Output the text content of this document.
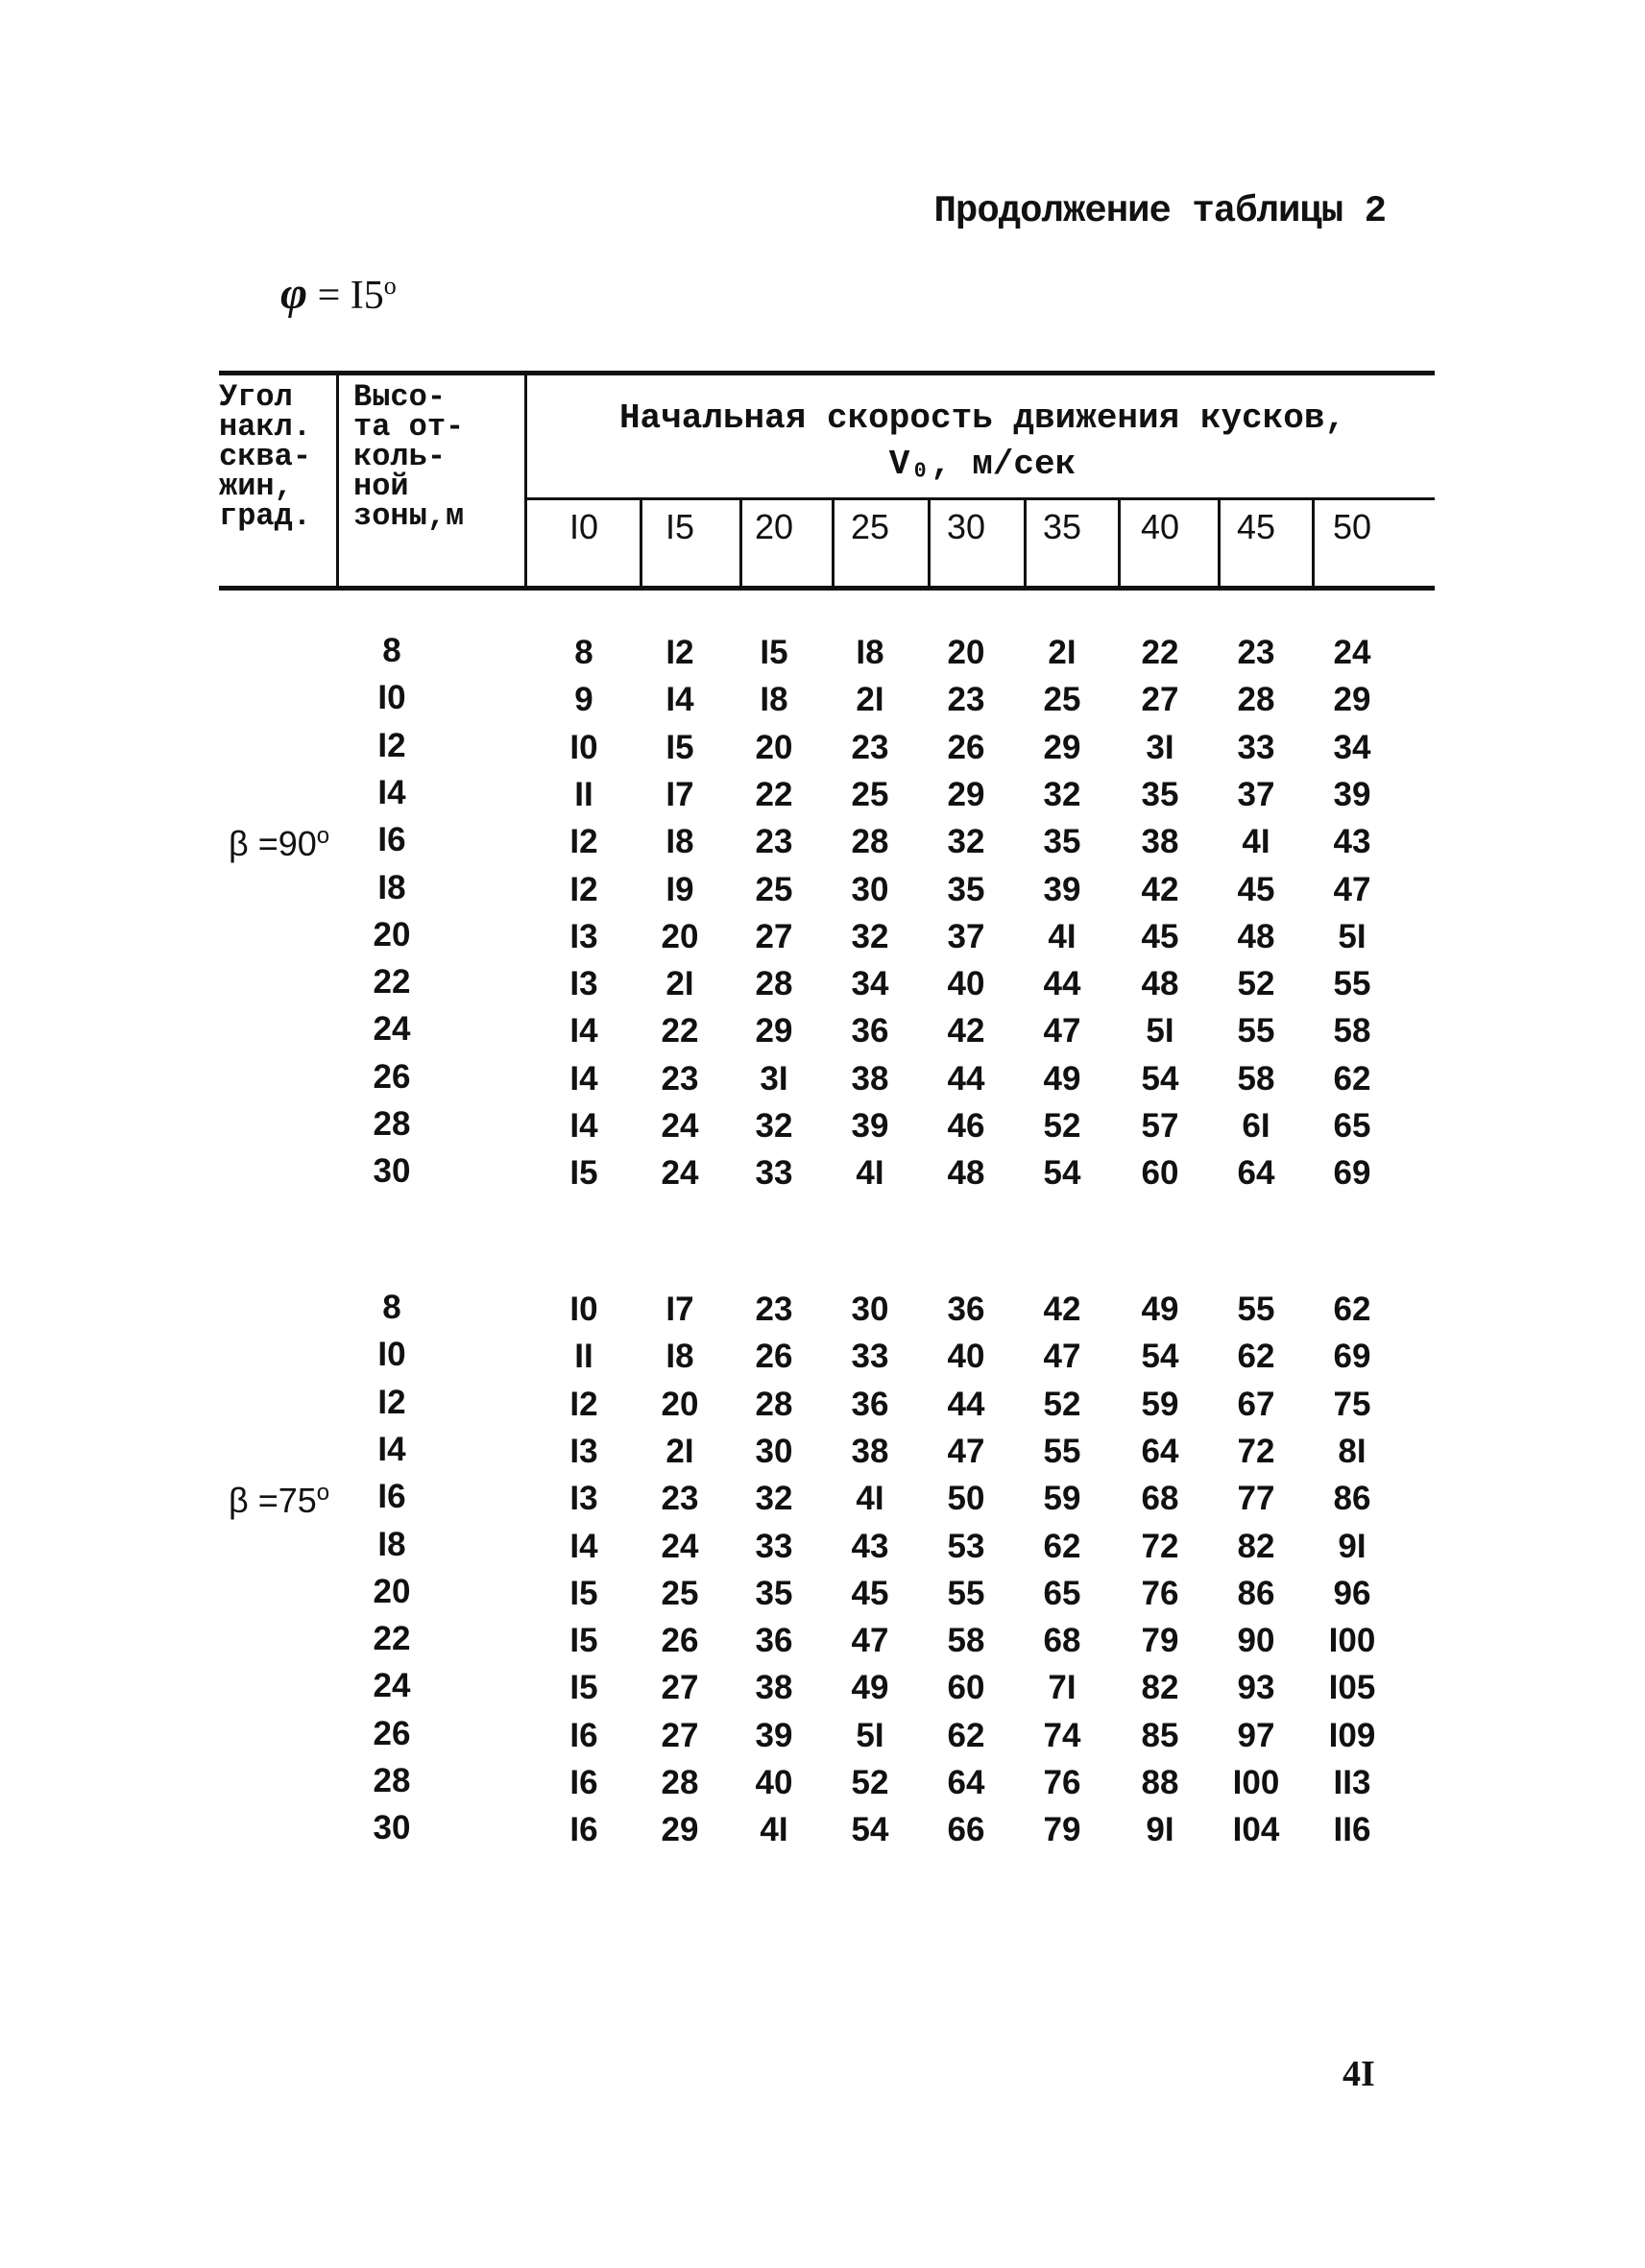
Продолжение таблицы 2
$\varphi = I5^o$
Угол
накл.
сква-
жин,
град.
Высо-
та от-
коль-
ной
зоны,м
Начальная скорость движения кусков,
V₀, м/сек
I0	I5	20	25	30	35	40	45	50
$\beta =90^o$
8	8	I2	I5	I8	20	2I	22	23	24
I0	9	I4	I8	2I	23	25	27	28	29
I2	I0	I5	20	23	26	29	3I	33	34
I4	II	I7	22	25	29	32	35	37	39
I6	I2	I8	23	28	32	35	38	4I	43
I8	I2	I9	25	30	35	39	42	45	47
20	I3	20	27	32	37	4I	45	48	5I
22	I3	2I	28	34	40	44	48	52	55
24	I4	22	29	36	42	47	5I	55	58
26	I4	23	3I	38	44	49	54	58	62
28	I4	24	32	39	46	52	57	6I	65
30	I5	24	33	4I	48	54	60	64	69
$\beta =75^o$
8	I0	I7	23	30	36	42	49	55	62
I0	II	I8	26	33	40	47	54	62	69
I2	I2	20	28	36	44	52	59	67	75
I4	I3	2I	30	38	47	55	64	72	8I
I6	I3	23	32	4I	50	59	68	77	86
I8	I4	24	33	43	53	62	72	82	9I
20	I5	25	35	45	55	65	76	86	96
22	I5	26	36	47	58	68	79	90	I00
24	I5	27	38	49	60	7I	82	93	I05
26	I6	27	39	5I	62	74	85	97	I09
28	I6	28	40	52	64	76	88	I00	II3
30	I6	29	4I	54	66	79	9I	I04	II6
4I
